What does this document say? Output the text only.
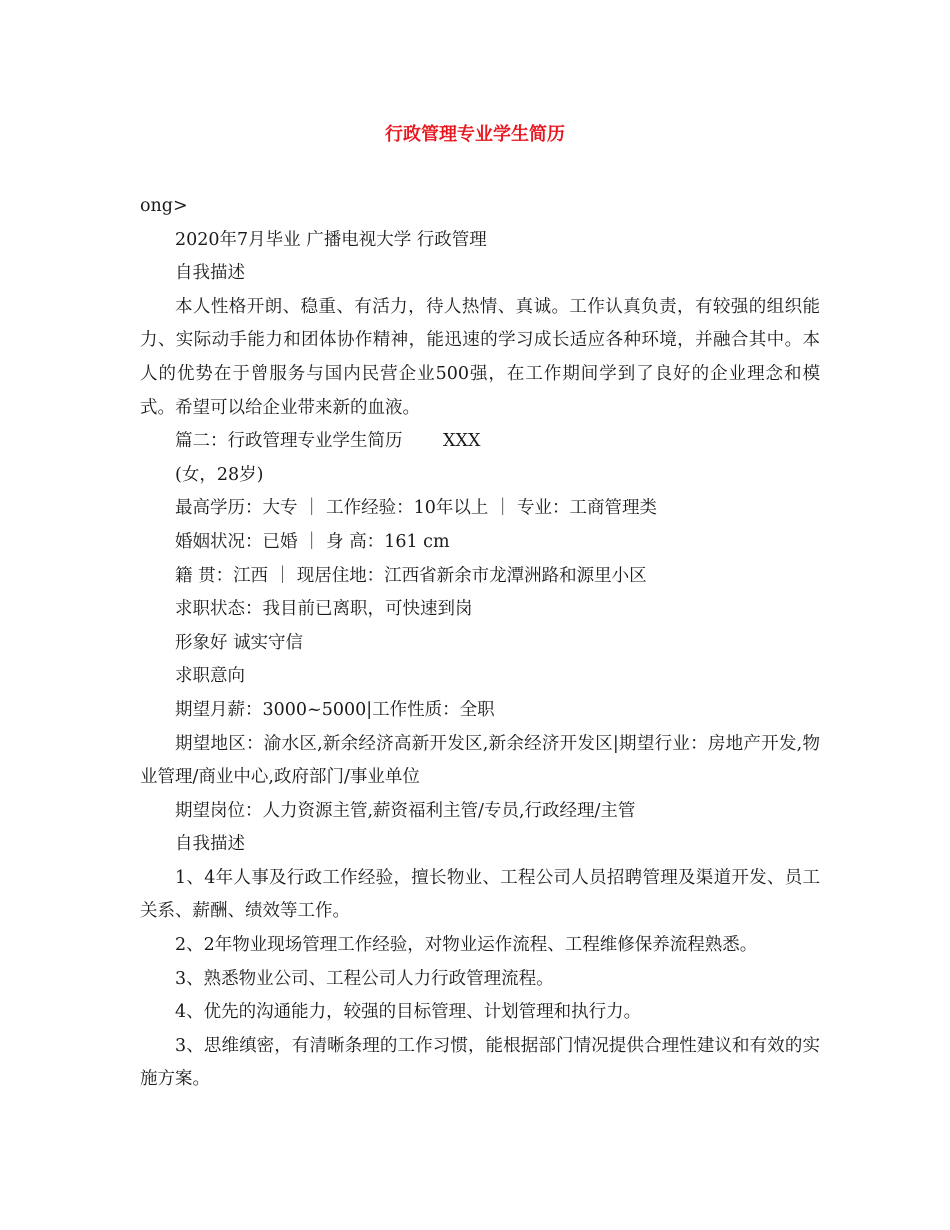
行政管理专业学生简历

ong>

2020年7月毕业 广播电视大学 行政管理

自我描述

本人性格开朗、稳重、有活力，待人热情、真诚。工作认真负责，有较强的组织能力、实际动手能力和团体协作精神，能迅速的学习成长适应各种环境，并融合其中。本人的优势在于曾服务与国内民营企业500强，在工作期间学到了良好的企业理念和模式。希望可以给企业带来新的血液。

篇二：行政管理专业学生简历　　 XXX

(女，28岁)

最高学历：大专 ｜ 工作经验：10年以上 ｜ 专业：工商管理类

婚姻状况：已婚 ｜ 身 高：161 cm

籍 贯：江西 ｜ 现居住地：江西省新余市龙潭洲路和源里小区

求职状态：我目前已离职，可快速到岗

形象好 诚实守信

求职意向

期望月薪：3000~5000|工作性质：全职

期望地区：渝水区,新余经济高新开发区,新余经济开发区|期望行业：房地产开发,物业管理/商业中心,政府部门/事业单位

期望岗位：人力资源主管,薪资福利主管/专员,行政经理/主管

自我描述

1、4年人事及行政工作经验，擅长物业、工程公司人员招聘管理及渠道开发、员工关系、薪酬、绩效等工作。

2、2年物业现场管理工作经验，对物业运作流程、工程维修保养流程熟悉。

3、熟悉物业公司、工程公司人力行政管理流程。

4、优先的沟通能力，较强的目标管理、计划管理和执行力。

3、思维缜密，有清晰条理的工作习惯，能根据部门情况提供合理性建议和有效的实施方案。
